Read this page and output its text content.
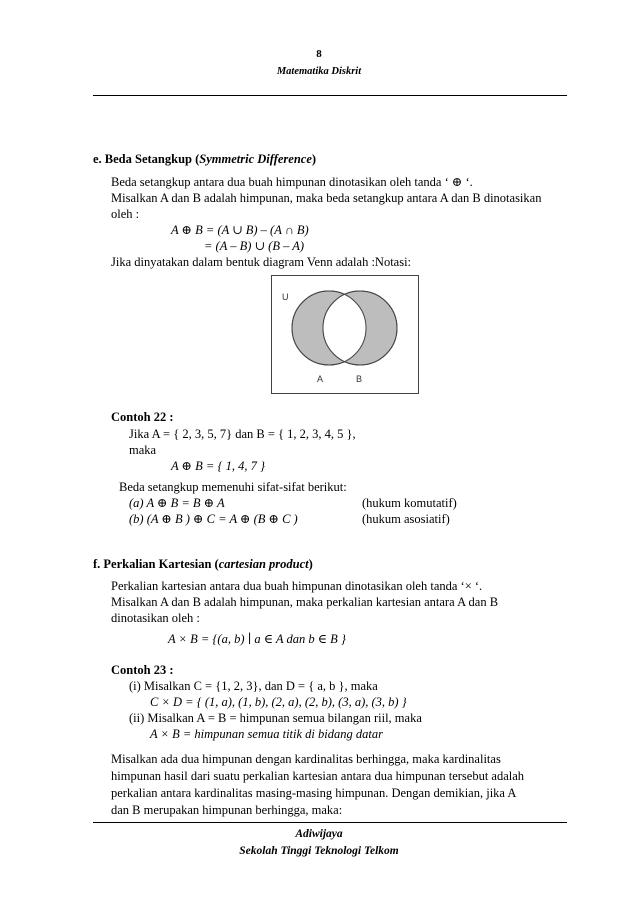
8
Matematika Diskrit
e. Beda Setangkup (Symmetric Difference)
Beda setangkup antara dua buah himpunan dinotasikan oleh tanda ‘ ⊕ ‘.
Misalkan A dan B adalah himpunan, maka beda setangkup antara A dan B dinotasikan
oleh :
A ⊕ B = (A ∪ B) – (A ∩ B)
= (A – B) ∪ (B – A)
Jika dinyatakan dalam bentuk diagram Venn adalah :Notasi:
U
A	B
Contoh 22 :
Jika A = { 2, 3, 5, 7} dan B = { 1, 2, 3, 4, 5 },
maka
A ⊕ B = { 1, 4, 7 }
Beda setangkup memenuhi sifat-sifat berikut:
(a) A ⊕ B = B ⊕ A	(hukum komutatif)
(b) (A ⊕ B ) ⊕ C = A ⊕ (B ⊕ C )	(hukum asosiatif)
f. Perkalian Kartesian (cartesian product)
Perkalian kartesian antara dua buah himpunan dinotasikan oleh tanda ‘× ‘.
Misalkan A dan B adalah himpunan, maka perkalian kartesian antara A dan B
dinotasikan oleh :
A × B = {(a, b) ∣ a ∈ A dan b ∈ B }
Contoh 23 :
(i) Misalkan C = {1, 2, 3}, dan D = { a, b }, maka
C × D = { (1, a), (1, b), (2, a), (2, b), (3, a), (3, b) }
(ii) Misalkan A = B = himpunan semua bilangan riil, maka
A × B = himpunan semua titik di bidang datar
Misalkan ada dua himpunan dengan kardinalitas berhingga, maka kardinalitas
himpunan hasil dari suatu perkalian kartesian antara dua himpunan tersebut adalah
perkalian antara kardinalitas masing-masing himpunan. Dengan demikian, jika A
dan B merupakan himpunan berhingga, maka:
Adiwijaya
Sekolah Tinggi Teknologi Telkom
